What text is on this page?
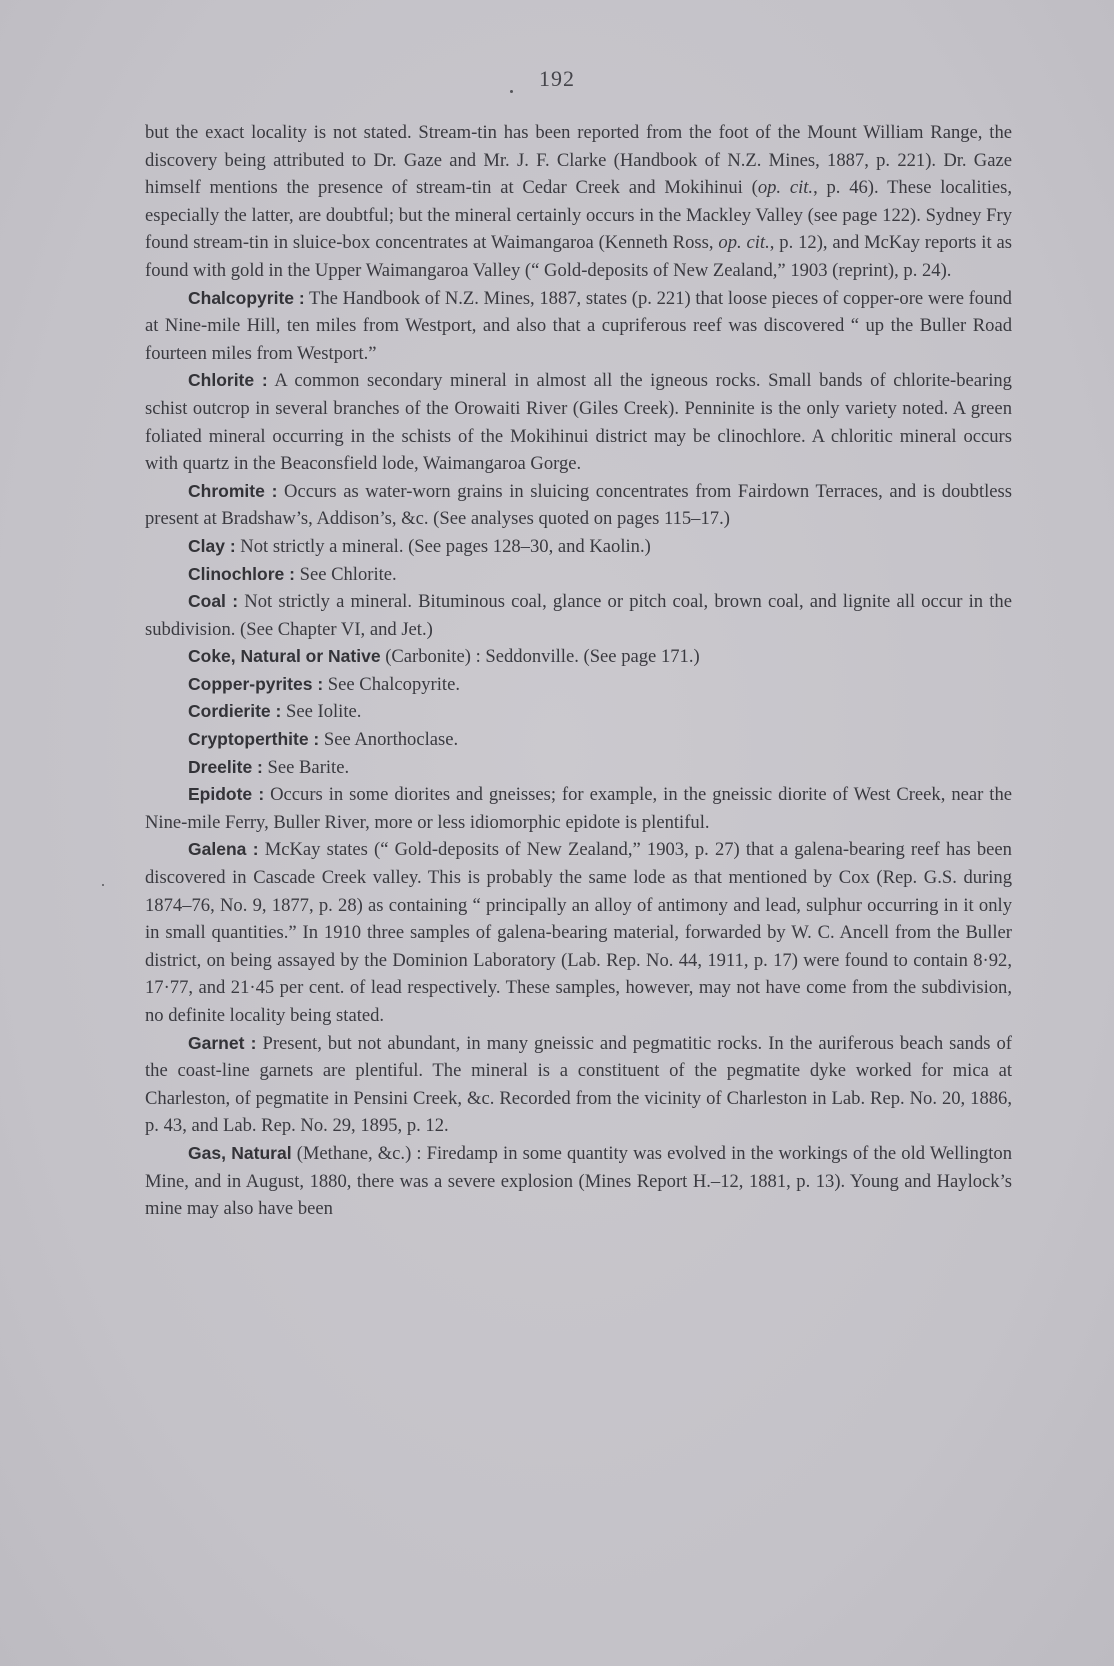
192

but the exact locality is not stated. Stream-tin has been reported from the foot of the Mount William Range, the discovery being attributed to Dr. Gaze and Mr. J. F. Clarke (Handbook of N.Z. Mines, 1887, p. 221). Dr. Gaze himself mentions the presence of stream-tin at Cedar Creek and Mokihinui (op. cit., p. 46). These localities, especially the latter, are doubtful; but the mineral certainly occurs in the Mackley Valley (see page 122). Sydney Fry found stream-tin in sluice-box concentrates at Waimangaroa (Kenneth Ross, op. cit., p. 12), and McKay reports it as found with gold in the Upper Waimangaroa Valley (“ Gold-deposits of New Zealand,” 1903 (reprint), p. 24).

Chalcopyrite : The Handbook of N.Z. Mines, 1887, states (p. 221) that loose pieces of copper-ore were found at Nine-mile Hill, ten miles from Westport, and also that a cupriferous reef was discovered “ up the Buller Road fourteen miles from Westport.”

Chlorite : A common secondary mineral in almost all the igneous rocks. Small bands of chlorite-bearing schist outcrop in several branches of the Orowaiti River (Giles Creek). Penninite is the only variety noted. A green foliated mineral occurring in the schists of the Mokihinui district may be clinochlore. A chloritic mineral occurs with quartz in the Beaconsfield lode, Waimangaroa Gorge.

Chromite : Occurs as water-worn grains in sluicing concentrates from Fairdown Terraces, and is doubtless present at Bradshaw’s, Addison’s, &c. (See analyses quoted on pages 115–17.)

Clay : Not strictly a mineral. (See pages 128–30, and Kaolin.)

Clinochlore : See Chlorite.

Coal : Not strictly a mineral. Bituminous coal, glance or pitch coal, brown coal, and lignite all occur in the subdivision. (See Chapter VI, and Jet.)

Coke, Natural or Native (Carbonite) : Seddonville. (See page 171.)

Copper-pyrites : See Chalcopyrite.

Cordierite : See Iolite.

Cryptoperthite : See Anorthoclase.

Dreelite : See Barite.

Epidote : Occurs in some diorites and gneisses; for example, in the gneissic diorite of West Creek, near the Nine-mile Ferry, Buller River, more or less idiomorphic epidote is plentiful.

Galena : McKay states (“ Gold-deposits of New Zealand,” 1903, p. 27) that a galena-bearing reef has been discovered in Cascade Creek valley. This is probably the same lode as that mentioned by Cox (Rep. G.S. during 1874–76, No. 9, 1877, p. 28) as containing “ principally an alloy of antimony and lead, sulphur occurring in it only in small quantities.” In 1910 three samples of galena-bearing material, forwarded by W. C. Ancell from the Buller district, on being assayed by the Dominion Laboratory (Lab. Rep. No. 44, 1911, p. 17) were found to contain 8·92, 17·77, and 21·45 per cent. of lead respectively. These samples, however, may not have come from the subdivision, no definite locality being stated.

Garnet : Present, but not abundant, in many gneissic and pegmatitic rocks. In the auriferous beach sands of the coast-line garnets are plentiful. The mineral is a constituent of the pegmatite dyke worked for mica at Charleston, of pegmatite in Pensini Creek, &c. Recorded from the vicinity of Charleston in Lab. Rep. No. 20, 1886, p. 43, and Lab. Rep. No. 29, 1895, p. 12.

Gas, Natural (Methane, &c.) : Firedamp in some quantity was evolved in the workings of the old Wellington Mine, and in August, 1880, there was a severe explosion (Mines Report H.–12, 1881, p. 13). Young and Haylock’s mine may also have been
